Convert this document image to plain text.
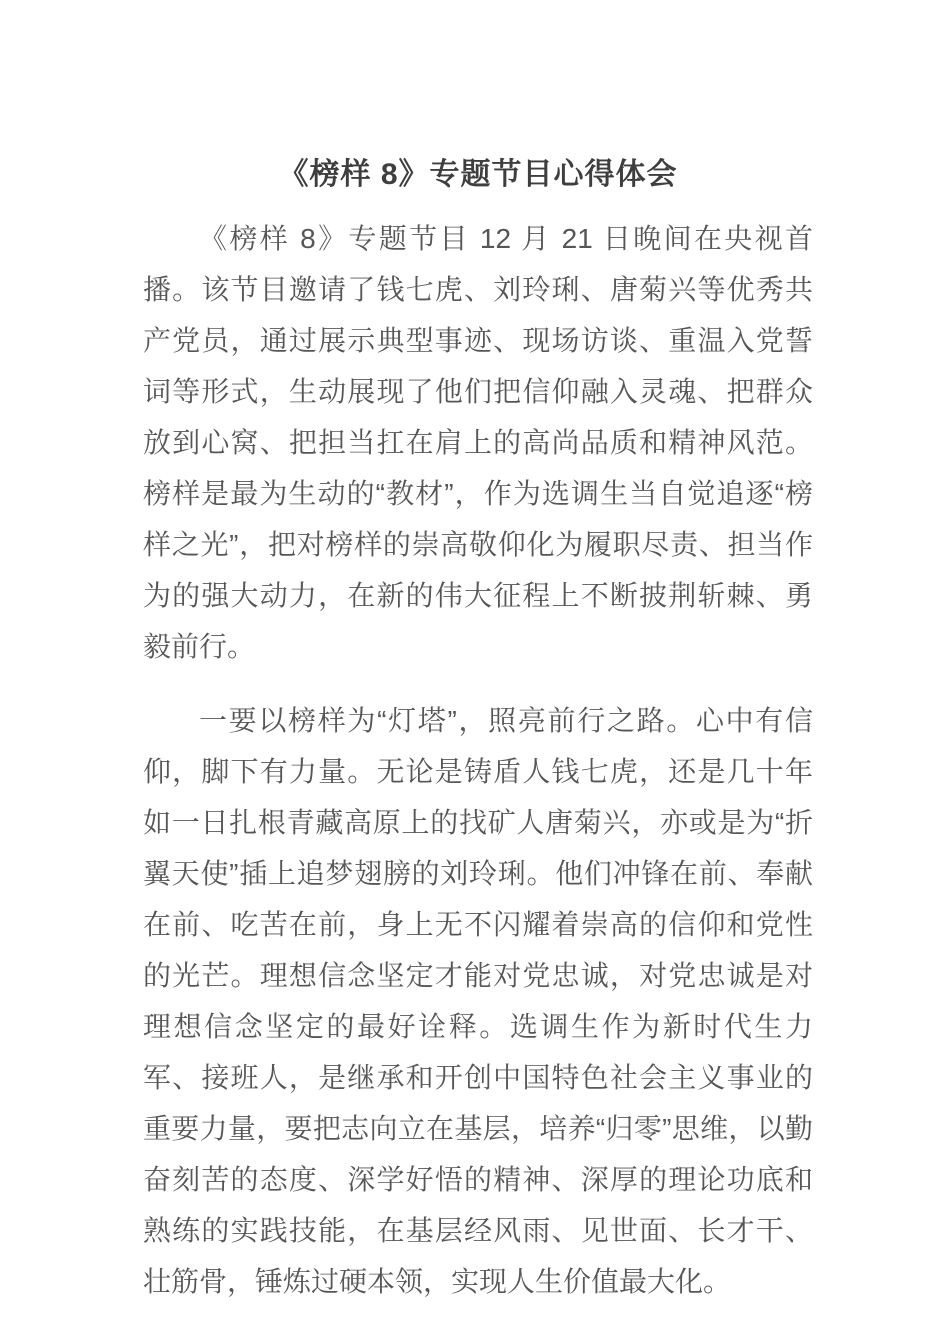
《榜样 8》专题节目心得体会

《榜样 8》专题节目 12 月 21 日晚间在央视首播。该节目邀请了钱七虎、刘玲琍、唐菊兴等优秀共产党员，通过展示典型事迹、现场访谈、重温入党誓词等形式，生动展现了他们把信仰融入灵魂、把群众放到心窝、把担当扛在肩上的高尚品质和精神风范。榜样是最为生动的“教材”，作为选调生当自觉追逐“榜样之光”，把对榜样的崇高敬仰化为履职尽责、担当作为的强大动力，在新的伟大征程上不断披荆斩棘、勇毅前行。

一要以榜样为“灯塔”，照亮前行之路。心中有信仰，脚下有力量。无论是铸盾人钱七虎，还是几十年如一日扎根青藏高原上的找矿人唐菊兴，亦或是为“折翼天使”插上追梦翅膀的刘玲琍。他们冲锋在前、奉献在前、吃苦在前，身上无不闪耀着崇高的信仰和党性的光芒。理想信念坚定才能对党忠诚，对党忠诚是对理想信念坚定的最好诠释。选调生作为新时代生力军、接班人，是继承和开创中国特色社会主义事业的重要力量，要把志向立在基层，培养“归零”思维，以勤奋刻苦的态度、深学好悟的精神、深厚的理论功底和熟练的实践技能，在基层经风雨、见世面、长才干、壮筋骨，锤炼过硬本领，实现人生价值最大化。
